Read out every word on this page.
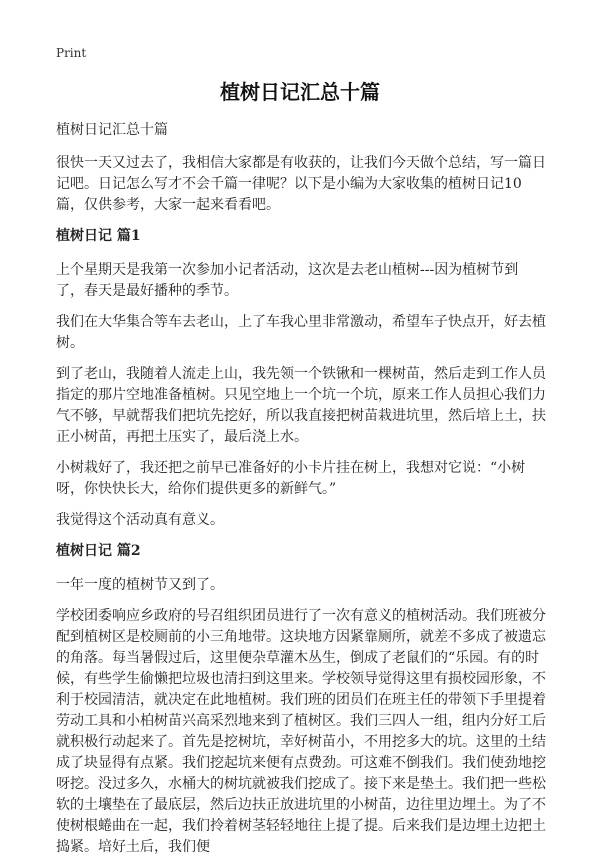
Print
植树日记汇总十篇

植树日记汇总十篇

很快一天又过去了，我相信大家都是有收获的，让我们今天做个总结，写一篇日记吧。日记怎么写才不会千篇一律呢？以下是小编为大家收集的植树日记10篇，仅供参考，大家一起来看看吧。

植树日记 篇1

上个星期天是我第一次参加小记者活动，这次是去老山植树---因为植树节到了，春天是最好播种的季节。

我们在大华集合等车去老山，上了车我心里非常激动，希望车子快点开，好去植树。

到了老山，我随着人流走上山，我先领一个铁锹和一棵树苗，然后走到工作人员指定的那片空地准备植树。只见空地上一个坑一个坑，原来工作人员担心我们力气不够，早就帮我们把坑先挖好，所以我直接把树苗栽进坑里，然后培上土，扶正小树苗，再把土压实了，最后浇上水。

小树栽好了，我还把之前早已准备好的小卡片挂在树上，我想对它说：“小树呀，你快快长大，给你们提供更多的新鲜气。”

我觉得这个活动真有意义。

植树日记 篇2

一年一度的植树节又到了。

学校团委响应乡政府的号召组织团员进行了一次有意义的植树活动。我们班被分配到植树区是校厕前的小三角地带。这块地方因紧靠厕所，就差不多成了被遗忘的角落。每当暑假过后，这里便杂草灌木丛生，倒成了老鼠们的“乐园。有的时候，有些学生偷懒把垃圾也清扫到这里来。学校领导觉得这里有损校园形象，不利于校园清洁，就决定在此地植树。我们班的团员们在班主任的带领下手里提着劳动工具和小柏树苗兴高采烈地来到了植树区。我们三四人一组，组内分好工后就积极行动起来了。首先是挖树坑，幸好树苗小，不用挖多大的坑。这里的土结成了块显得有点紧。我们挖起坑来便有点费劲。可这难不倒我们。我们使劲地挖呀挖。没过多久，水桶大的树坑就被我们挖成了。接下来是垫土。我们把一些松软的土壤垫在了最底层，然后边扶正放进坑里的小树苗，边往里边埋土。为了不使树根蜷曲在一起，我们拎着树茎轻轻地往上提了提。后来我们是边埋土边把土捣紧。培好土后，我们便
